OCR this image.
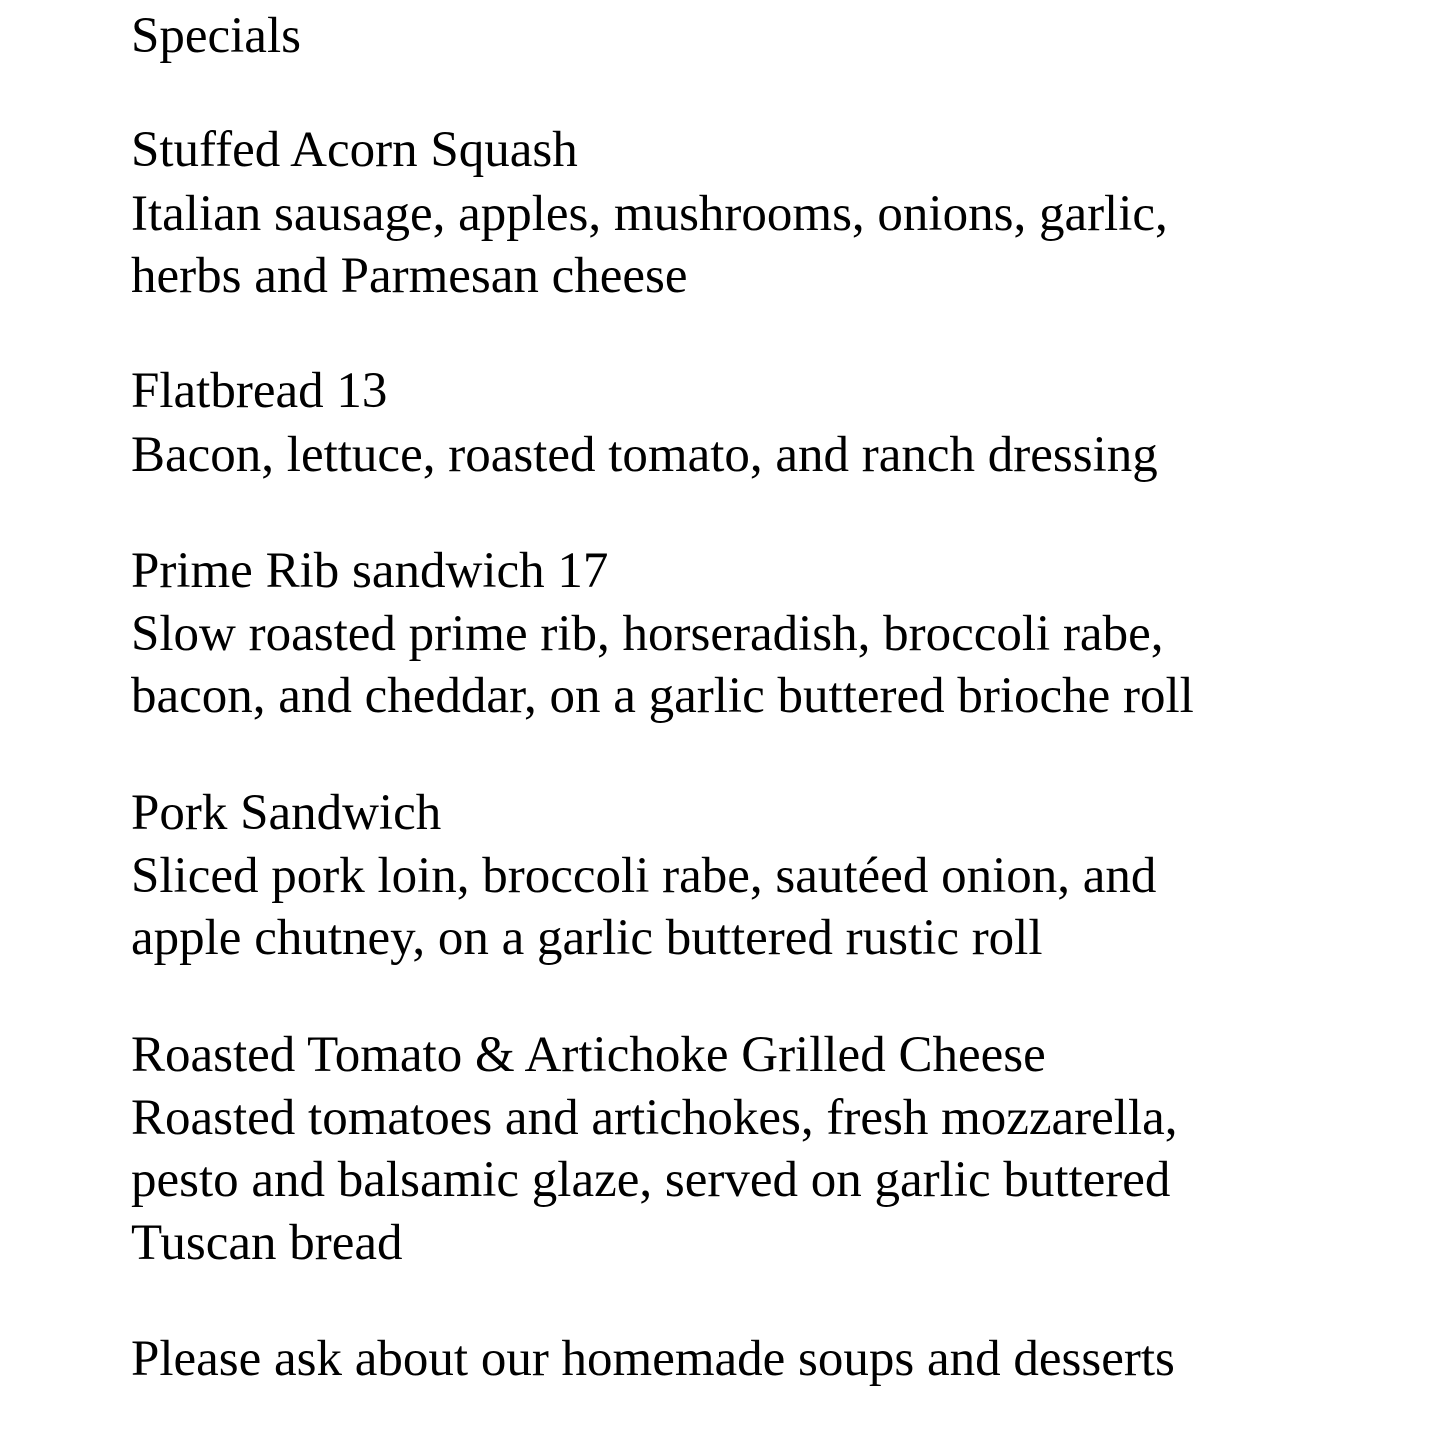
Specials
Stuffed Acorn Squash
Italian sausage, apples, mushrooms, onions, garlic,
herbs and Parmesan cheese
Flatbread 13
Bacon, lettuce, roasted tomato, and ranch dressing
Prime Rib sandwich 17
Slow roasted prime rib, horseradish, broccoli rabe,
bacon, and cheddar, on a garlic buttered brioche roll
Pork Sandwich
Sliced pork loin, broccoli rabe, sautéed onion, and
apple chutney, on a garlic buttered rustic roll
Roasted Tomato & Artichoke Grilled Cheese
Roasted tomatoes and artichokes, fresh mozzarella,
pesto and balsamic glaze, served on garlic buttered
Tuscan bread
Please ask about our homemade soups and desserts
